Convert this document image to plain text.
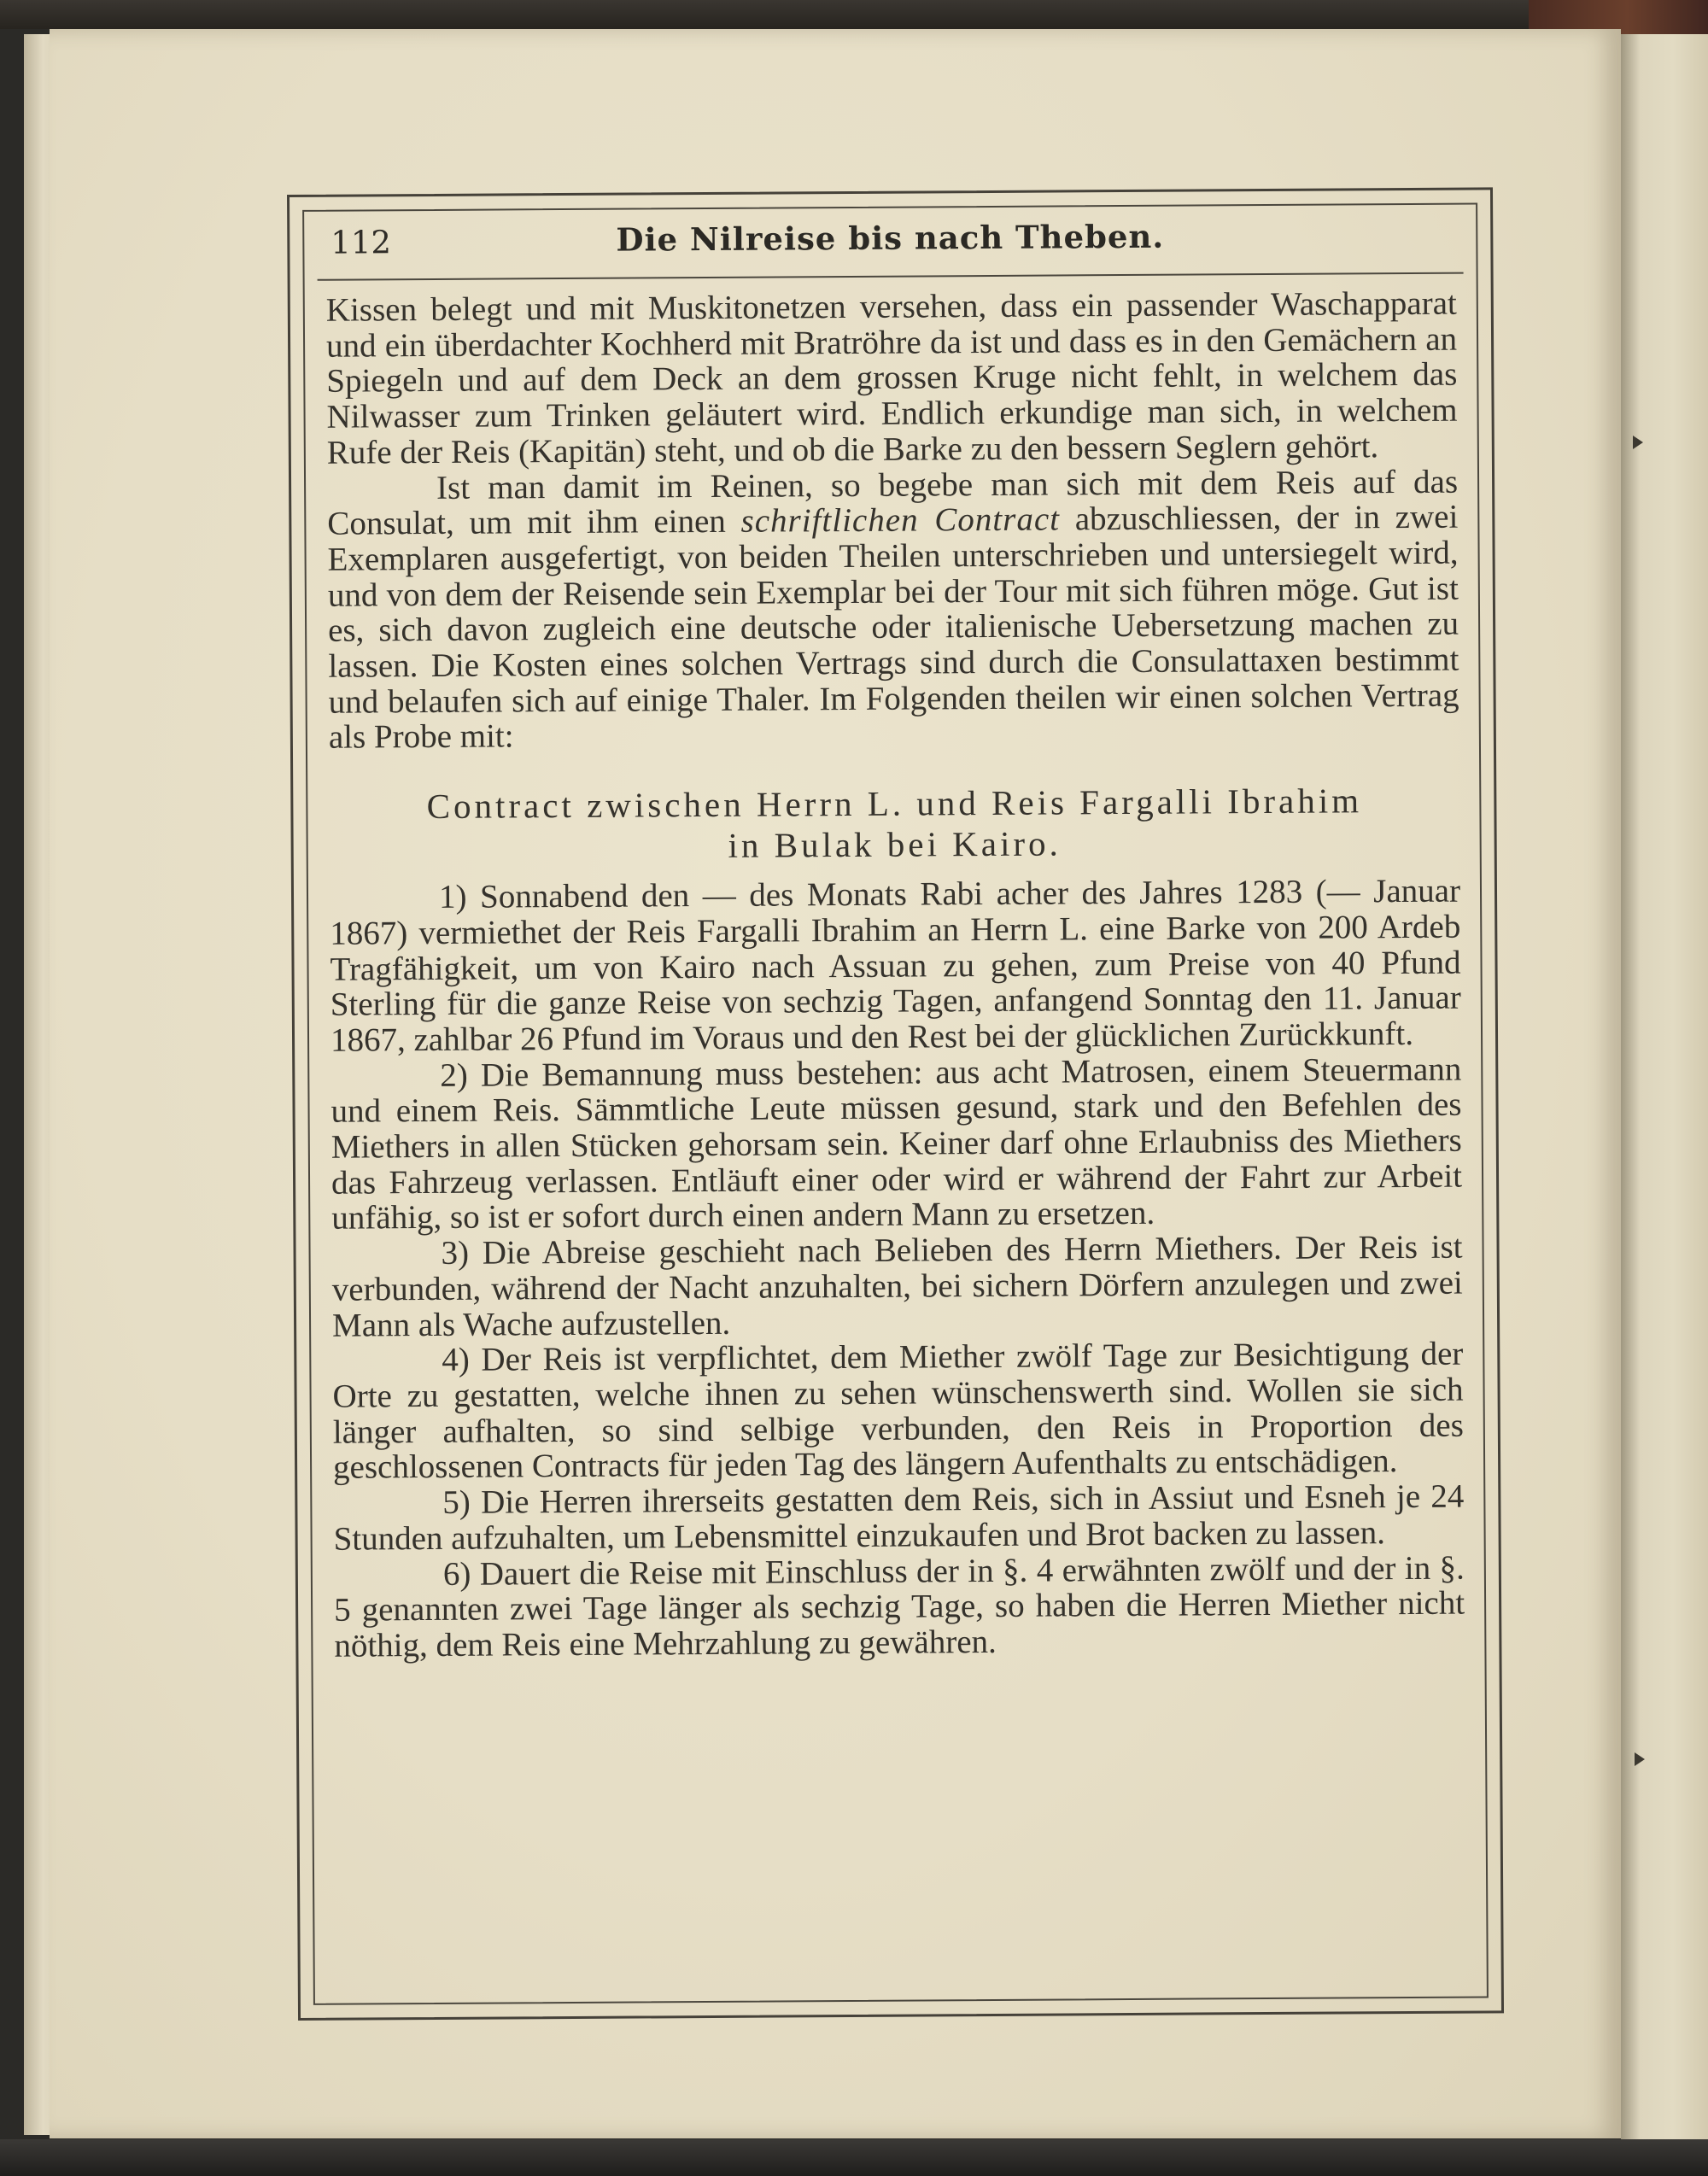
112	Die Nilreise bis nach Theben.

Kissen belegt und mit Muskitonetzen versehen, dass ein passender Waschapparat und ein überdachter Kochherd mit Bratröhre da ist und dass es in den Gemächern an Spiegeln und auf dem Deck an dem grossen Kruge nicht fehlt, in welchem das Nilwasser zum Trinken geläutert wird. Endlich erkundige man sich, in welchem Rufe der Reis (Kapitän) steht, und ob die Barke zu den bessern Seglern gehört.

Ist man damit im Reinen, so begebe man sich mit dem Reis auf das Consulat, um mit ihm einen schriftlichen Contract abzuschliessen, der in zwei Exemplaren ausgefertigt, von beiden Theilen unterschrieben und untersiegelt wird, und von dem der Reisende sein Exemplar bei der Tour mit sich führen möge. Gut ist es, sich davon zugleich eine deutsche oder italienische Uebersetzung machen zu lassen. Die Kosten eines solchen Vertrags sind durch die Consulattaxen bestimmt und belaufen sich auf einige Thaler. Im Folgenden theilen wir einen solchen Vertrag als Probe mit:

Contract zwischen Herrn L. und Reis Fargalli Ibrahim
in Bulak bei Kairo.

1) Sonnabend den — des Monats Rabi acher des Jahres 1283 (— Januar 1867) vermiethet der Reis Fargalli Ibrahim an Herrn L. eine Barke von 200 Ardeb Tragfähigkeit, um von Kairo nach Assuan zu gehen, zum Preise von 40 Pfund Sterling für die ganze Reise von sechzig Tagen, anfangend Sonntag den 11. Januar 1867, zahlbar 26 Pfund im Voraus und den Rest bei der glücklichen Zurückkunft.

2) Die Bemannung muss bestehen: aus acht Matrosen, einem Steuermann und einem Reis. Sämmtliche Leute müssen gesund, stark und den Befehlen des Miethers in allen Stücken gehorsam sein. Keiner darf ohne Erlaubniss des Miethers das Fahrzeug verlassen. Entläuft einer oder wird er während der Fahrt zur Arbeit unfähig, so ist er sofort durch einen andern Mann zu ersetzen.

3) Die Abreise geschieht nach Belieben des Herrn Miethers. Der Reis ist verbunden, während der Nacht anzuhalten, bei sichern Dörfern anzulegen und zwei Mann als Wache aufzustellen.

4) Der Reis ist verpflichtet, dem Miether zwölf Tage zur Besichtigung der Orte zu gestatten, welche ihnen zu sehen wünschenswerth sind. Wollen sie sich länger aufhalten, so sind selbige verbunden, den Reis in Proportion des geschlossenen Contracts für jeden Tag des längern Aufenthalts zu entschädigen.

5) Die Herren ihrerseits gestatten dem Reis, sich in Assiut und Esneh je 24 Stunden aufzuhalten, um Lebensmittel einzukaufen und Brot backen zu lassen.

6) Dauert die Reise mit Einschluss der in §. 4 erwähnten zwölf und der in §. 5 genannten zwei Tage länger als sechzig Tage, so haben die Herren Miether nicht nöthig, dem Reis eine Mehrzahlung zu gewähren.
